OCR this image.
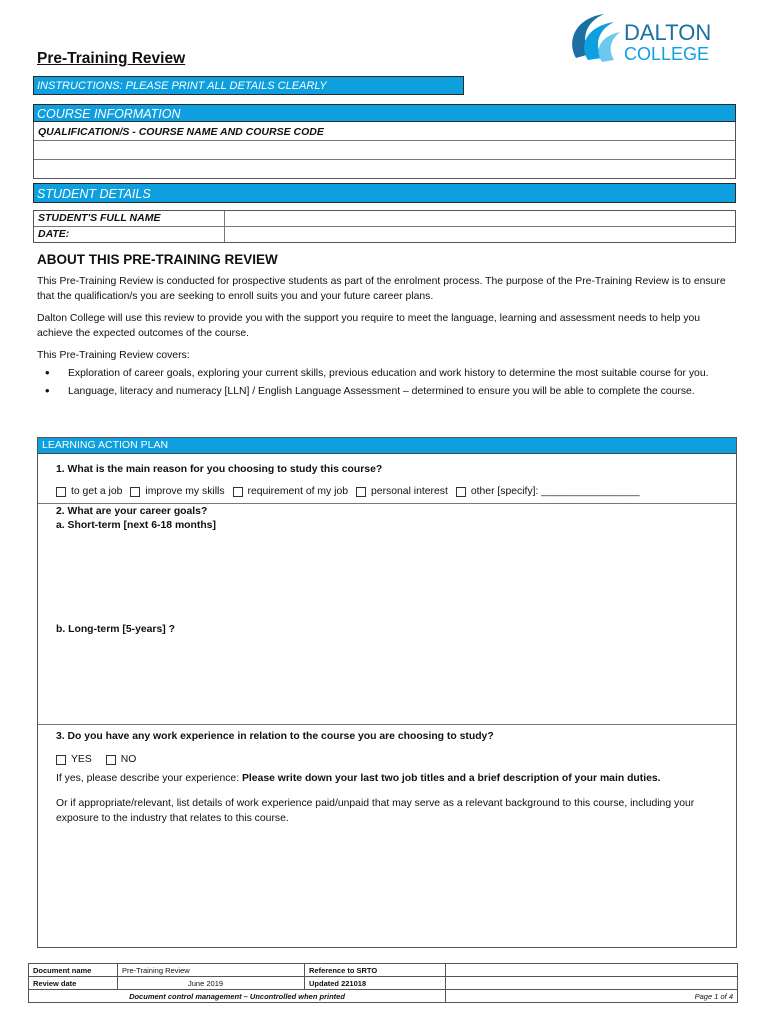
Pre-Training Review
DALTON
COLLEGE
INSTRUCTIONS: PLEASE PRINT ALL DETAILS CLEARLY
COURSE INFORMATION
QUALIFICATION/S - COURSE NAME AND COURSE CODE
STUDENT DETAILS
STUDENT'S FULL NAME
DATE:
ABOUT THIS PRE-TRAINING REVIEW

This Pre-Training Review is conducted for prospective students as part of the enrolment process. The purpose of the Pre-Training Review is to ensure that the qualification/s you are seeking to enroll suits you and your future career plans.

Dalton College will use this review to provide you with the support you require to meet the language, learning and assessment needs to help you achieve the expected outcomes of the course.

This Pre-Training Review covers:

• Exploration of career goals, exploring your current skills, previous education and work history to determine the most suitable course for you.
• Language, literacy and numeracy [LLN] / English Language Assessment – determined to ensure you will be able to complete the course.
LEARNING ACTION PLAN

1. What is the main reason for you choosing to study this course?

to get a job improve my skills requirement of my job personal interest other [specify]: _________________

2. What are your career goals?

a. Short-term [next 6-18 months]

b. Long-term [5-years] ?

3. Do you have any work experience in relation to the course you are choosing to study?

YES	NO

If yes, please describe your experience: Please write down your last two job titles and a brief description of your main duties.

Or if appropriate/relevant, list details of work experience paid/unpaid that may serve as a relevant background to this course, including your exposure to the industry that relates to this course.

Document name	Pre-Training Review	Reference to SRTO	
Review date	June 2019	Updated 221018	
Document control management – Uncontrolled when printed			Page 1 of 4
